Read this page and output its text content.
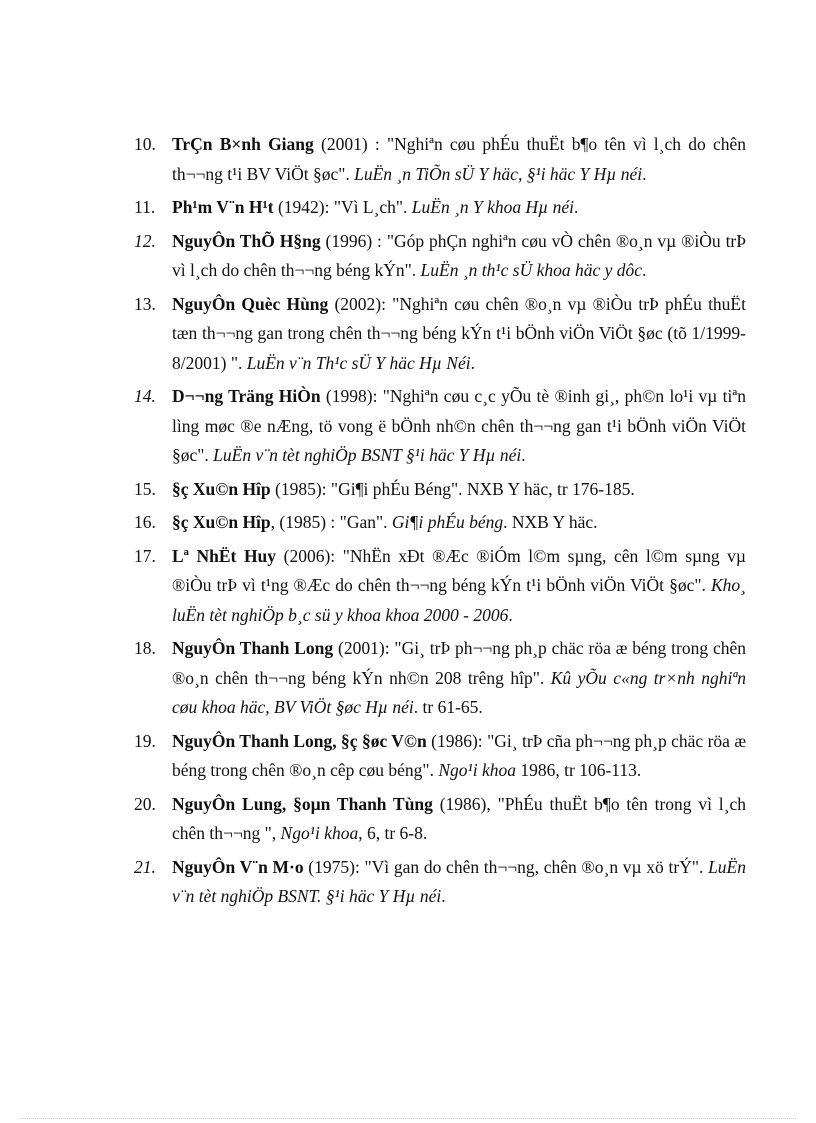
10. TrÇn B×nh Giang (2001) : "Nghiªn cøu phÉu thuËt b¶o tên vì l¸ch do chên th¬¬ng t¹i BV ViÖt §øc". LuËn ¸n TiÕn sÜ Y häc, §¹i häc Y Hµ néi.
11. Ph¹m V¨n H¹t (1942): "Vì L¸ch". LuËn ¸n Y khoa Hµ néi.
12. NguyÔn ThÕ H§ng (1996) : "Góp phÇn nghiªn cøu vÒ chên ®o¸n vµ ®iÒu trÞ vì l¸ch do chên th¬¬ng béng kÝn". LuËn ¸n th¹c sÜ khoa häc y dôc.
13. NguyÔn Quèc Hùng (2002): "Nghiªn cøu chên ®o¸n vµ ®iÒu trÞ phÉu thuËt tæn th¬¬ng gan trong chên th¬¬ng béng kÝn t¹i bÖnh viÖn ViÖt §øc (tõ 1/1999-8/2001) ". LuËn v¨n Th¹c sÜ Y häc Hµ Néi.
14. D¬¬ng Träng HiÒn (1998): "Nghiªn cøu c¸c yÕu tè ®inh gi¸, ph©n lo¹i vµ tiªn lìng møc ®e nÆng, tö vong ë bÖnh nh©n chên th¬¬ng gan t¹i bÖnh viÖn ViÖt §øc". LuËn v¨n tèt nghiÖp BSNT §¹i häc Y Hµ néi.
15. §ç Xu©n Hîp (1985): "Gi¶i phÉu Béng". NXB Y häc, tr 176-185.
16. §ç Xu©n Hîp, (1985) : "Gan". Gi¶i phÉu béng. NXB Y häc.
17. Lª NhËt Huy (2006): "NhËn xÐt ®Æc ®iÓm l©m sµng, cên l©m sµng vµ ®iÒu trÞ vì t¹ng ®Æc do chên th¬¬ng béng kÝn t¹i bÖnh viÖn ViÖt §øc". Kho¸ luËn tèt nghiÖp b¸c sü y khoa khoa 2000 - 2006.
18. NguyÔn Thanh Long (2001): "Gi¸ trÞ ph¬¬ng ph¸p chäc röa æ béng trong chên ®o¸n chên th¬¬ng béng kÝn nh©n 208 trêng hîp". Kû yÕu c«ng tr×nh nghiªn cøu khoa häc, BV ViÖt §øc Hµ néi. tr 61-65.
19. NguyÔn Thanh Long, §ç §øc V©n (1986): "Gi¸ trÞ cña ph¬¬ng ph¸p chäc röa æ béng trong chên ®o¸n cêp cøu béng". Ngo¹i khoa 1986, tr 106-113.
20. NguyÔn Lung, §oµn Thanh Tùng (1986), "PhÉu thuËt b¶o tên trong vì l¸ch chên th¬¬ng ", Ngo¹i khoa, 6, tr 6-8.
21. NguyÔn V¨n M·o (1975): "Vì gan do chên th¬¬ng, chên ®o¸n vµ xö trÝ". LuËn v¨n tèt nghiÖp BSNT. §¹i häc Y Hµ néi.
